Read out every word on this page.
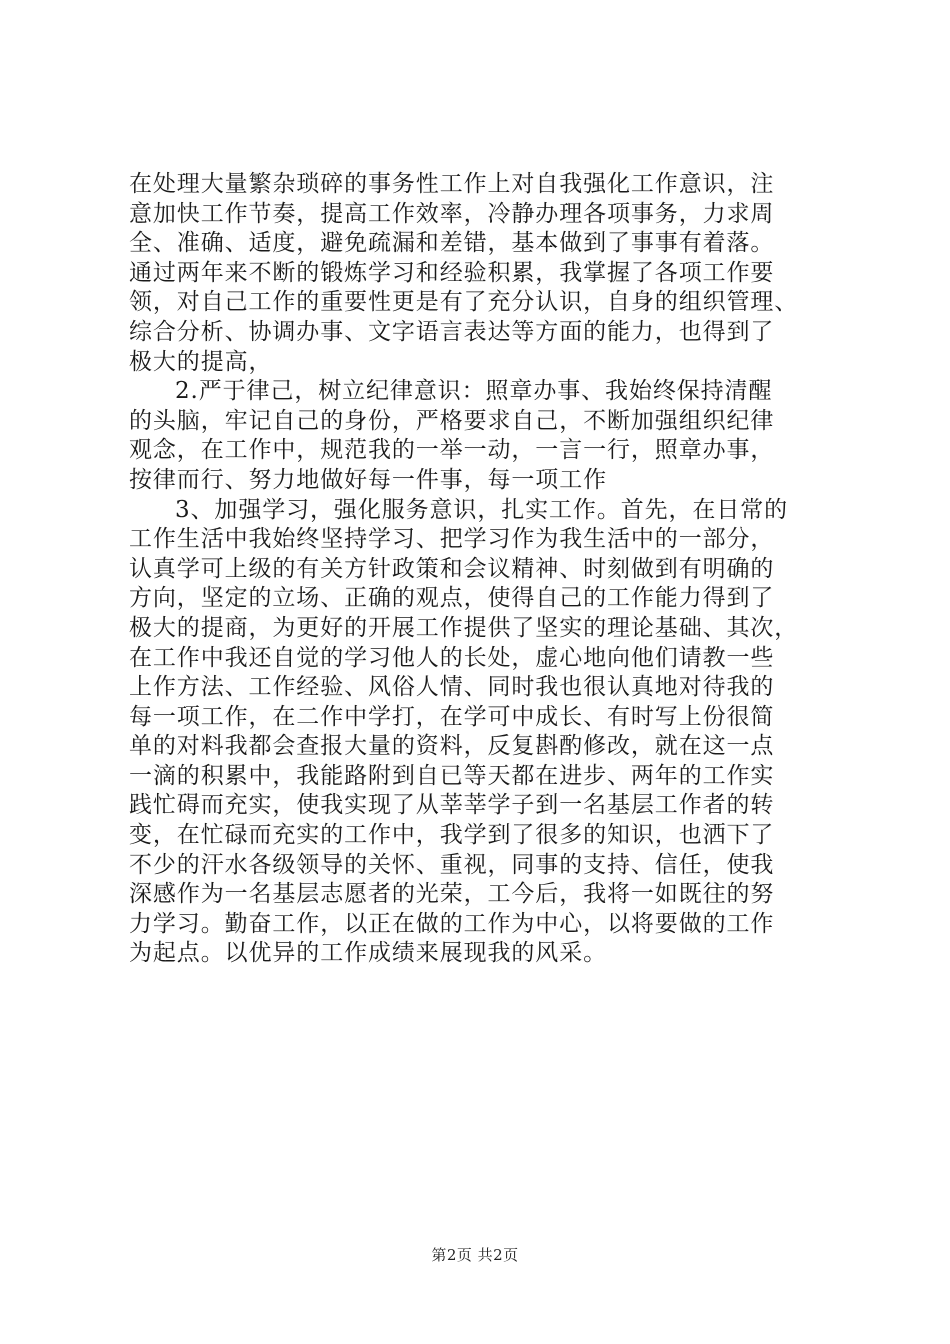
在处理大量繁杂琐碎的事务性工作上对自我强化工作意识，注
意加快工作节奏，提高工作效率，冷静办理各项事务，力求周
全、准确、适度，避免疏漏和差错，基本做到了事事有着落。
通过两年来不断的锻炼学习和经验积累，我掌握了各项工作要
领，对自己工作的重要性更是有了充分认识，自身的组织管理、
综合分析、协调办事、文字语言表达等方面的能力，也得到了
极大的提高，
2.严于律己，树立纪律意识：照章办事、我始终保持清醒
的头脑，牢记自己的身份，严格要求自己，不断加强组织纪律
观念，在工作中，规范我的一举一动，一言一行，照章办事，
按律而行、努力地做好每一件事，每一项工作
3、加强学习，强化服务意识，扎实工作。首先，在日常的
工作生活中我始终坚持学习、把学习作为我生活中的一部分，
认真学可上级的有关方针政策和会议精神、时刻做到有明确的
方向，坚定的立场、正确的观点，使得自己的工作能力得到了
极大的提商，为更好的开展工作提供了坚实的理论基础、其次，
在工作中我还自觉的学习他人的长处，虚心地向他们请教一些
上作方法、工作经验、风俗人情、同时我也很认真地对待我的
每一项工作，在二作中学打，在学可中成长、有时写上份很简
单的对料我都会查报大量的资料，反复斟酌修改，就在这一点
一滴的积累中，我能路附到自已等天都在进步、两年的工作实
践忙碍而充实，使我实现了从莘莘学子到一名基层工作者的转
变，在忙碌而充实的工作中，我学到了很多的知识，也洒下了
不少的汗水各级领导的关怀、重视，同事的支持、信任，使我
深感作为一名基层志愿者的光荣，工今后，我将一如既往的努
力学习。勤奋工作，以正在做的工作为中心，以将要做的工作
为起点。以优异的工作成绩来展现我的风采。
第2页 共2页
